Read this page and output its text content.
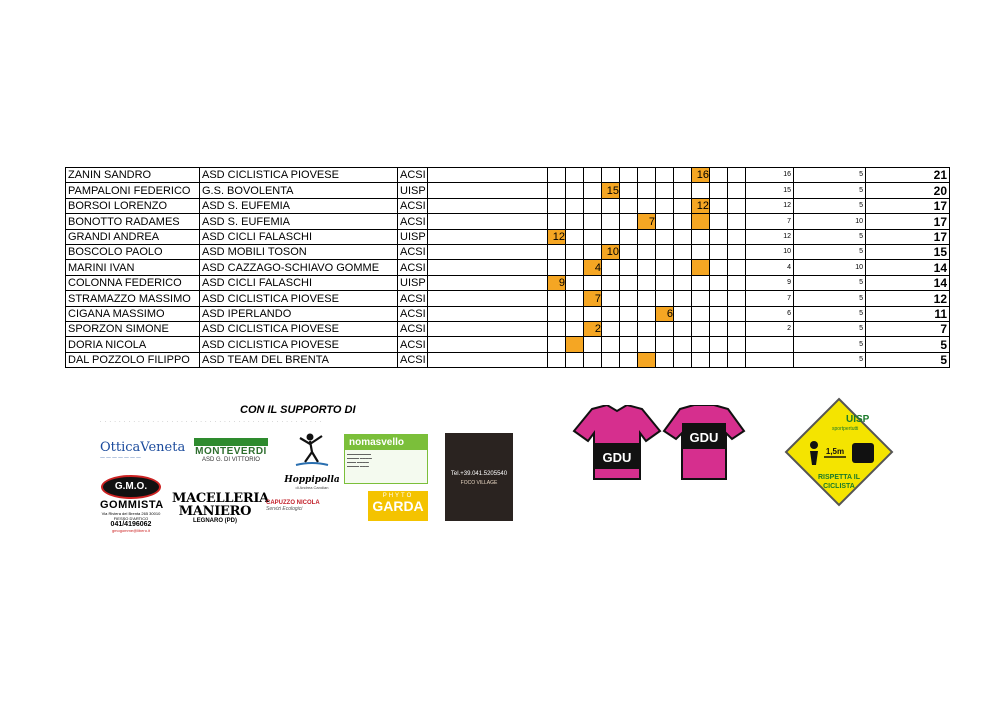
ZANIN SANDRO	ASD CICLISTICA PIOVESE	ACSI										16			16	5	21
PAMPALONI FEDERICO	G.S. BOVOLENTA	UISP					15								15	5	20
BORSOI LORENZO	ASD S. EUFEMIA	ACSI										12			12	5	17
BONOTTO RADAMES	ASD S. EUFEMIA	ACSI							7						7	10	17
GRANDI ANDREA	ASD CICLI FALASCHI	UISP		12											12	5	17
BOSCOLO PAOLO	ASD MOBILI TOSON	ACSI					10								10	5	15
MARINI IVAN	ASD CAZZAGO-SCHIAVO GOMME	ACSI				4									4	10	14
COLONNA FEDERICO	ASD CICLI FALASCHI	UISP		9											9	5	14
STRAMAZZO MASSIMO	ASD CICLISTICA PIOVESE	ACSI				7									7	5	12
CIGANA MASSIMO	ASD IPERLANDO	ACSI								6					6	5	11
SPORZON SIMONE	ASD CICLISTICA PIOVESE	ACSI				2									2	5	7
DORIA NICOLA	ASD CICLISTICA PIOVESE	ACSI														5	5
DAL POZZOLO FILIPPO	ASD TEAM DEL BRENTA	ACSI														5	5
CON IL SUPPORTO DI
. . . . . . . . . . . . . . . . . . . . . . . . . . . . . . . . . . . . . . . . . . . . . . .
OtticaVeneta
———————
MONTEVERDI
ASD G. DI VITTORIO
Hoppipolla
di Andrea Candian
nomasvello
▬▬▬▬▬▬▬▬
▬▬▬▬ ▬▬▬▬
▬▬▬ ▬▬▬▬
▬▬▬▬ ▬▬▬
Tel.+39.041.5205540
FOCO VILLAGE
G.M.O.
GOMMISTA
Via Riviera del Brenta 265 30010 FIESSO D'ARTICO
041/4196062
gmogomme@libero.it
MACELLERIA MANIERO
LEGNARO (PD)
CAPUZZO NICOLA
Servizi Ecologici
PHYTO
GARDA
GDU
GDU
UISP
sportpertutti
1,5m
RISPETTA IL
CICLISTA
